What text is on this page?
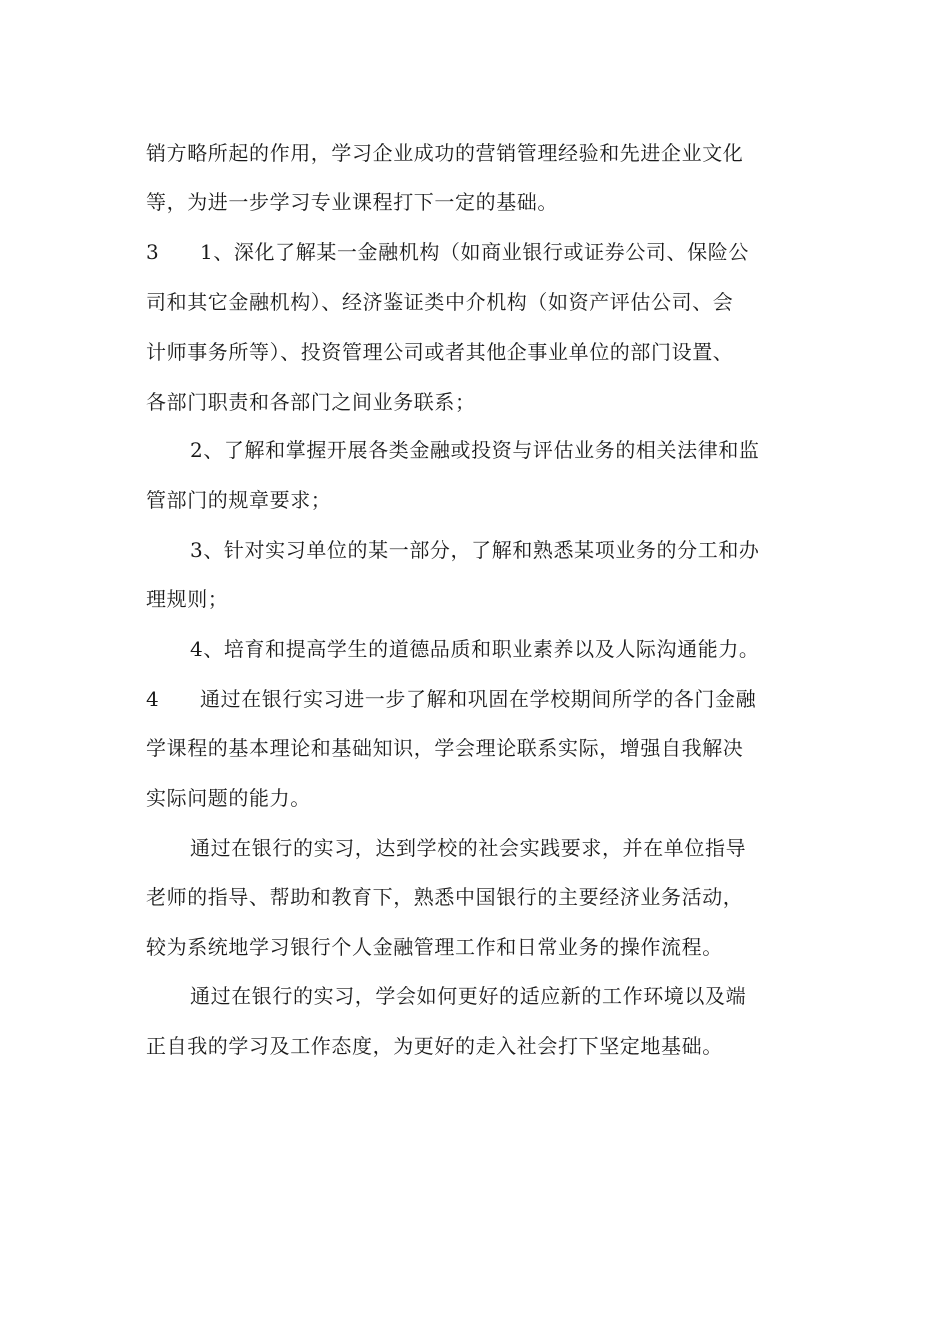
销方略所起的作用，学习企业成功的营销管理经验和先进企业文化
等，为进一步学习专业课程打下一定的基础。
3 1、深化了解某一金融机构（如商业银行或证券公司、保险公
司和其它金融机构）、经济鉴证类中介机构（如资产评估公司、会
计师事务所等）、投资管理公司或者其他企事业单位的部门设置、
各部门职责和各部门之间业务联系；
2、了解和掌握开展各类金融或投资与评估业务的相关法律和监
管部门的规章要求；
3、针对实习单位的某一部分，了解和熟悉某项业务的分工和办
理规则；
4、培育和提高学生的道德品质和职业素养以及人际沟通能力。
4 通过在银行实习进一步了解和巩固在学校期间所学的各门金融
学课程的基本理论和基础知识，学会理论联系实际，增强自我解决
实际问题的能力。
通过在银行的实习，达到学校的社会实践要求，并在单位指导
老师的指导、帮助和教育下，熟悉中国银行的主要经济业务活动，
较为系统地学习银行个人金融管理工作和日常业务的操作流程。
通过在银行的实习，学会如何更好的适应新的工作环境以及端
正自我的学习及工作态度，为更好的走入社会打下坚定地基础。
